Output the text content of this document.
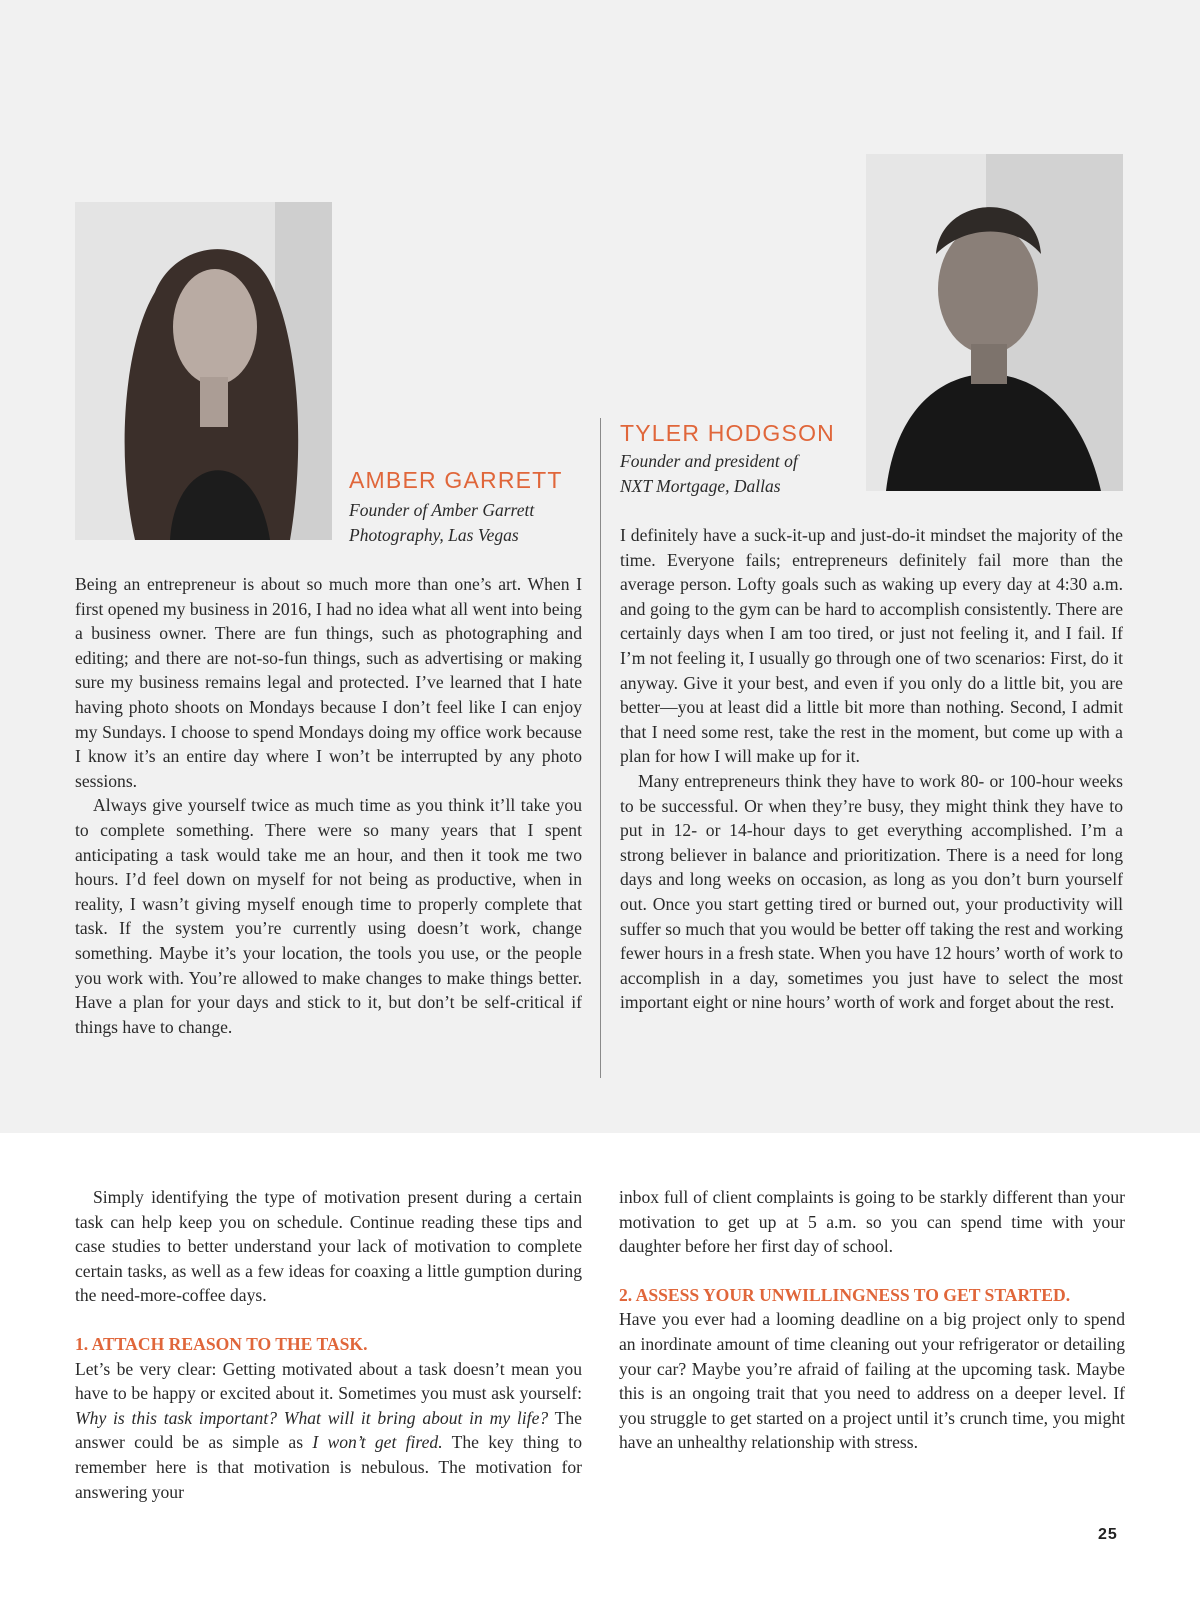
AMBER GARRETT
Founder of Amber Garrett
Photography, Las Vegas
TYLER HODGSON
Founder and president of
NXT Mortgage, Dallas

Being an entrepreneur is about so much more than one’s art. When I first opened my business in 2016, I had no idea what all went into being a business owner. There are fun things, such as photographing and editing; and there are not-so-fun things, such as advertising or making sure my business remains legal and protected. I’ve learned that I hate having photo shoots on Mondays because I don’t feel like I can enjoy my Sundays. I choose to spend Mondays doing my office work because I know it’s an entire day where I won’t be interrupted by any photo sessions.

Always give yourself twice as much time as you think it’ll take you to complete something. There were so many years that I spent anticipating a task would take me an hour, and then it took me two hours. I’d feel down on myself for not being as productive, when in reality, I wasn’t giving myself enough time to properly complete that task. If the system you’re currently using doesn’t work, change something. Maybe it’s your location, the tools you use, or the people you work with. You’re allowed to make changes to make things better. Have a plan for your days and stick to it, but don’t be self-critical if things have to change.

I definitely have a suck-it-up and just-do-it mindset the majority of the time. Everyone fails; entrepreneurs definitely fail more than the average person. Lofty goals such as waking up every day at 4:30 a.m. and going to the gym can be hard to accomplish consistently. There are certainly days when I am too tired, or just not feeling it, and I fail. If I’m not feeling it, I usually go through one of two scenarios: First, do it anyway. Give it your best, and even if you only do a little bit, you are better—you at least did a little bit more than nothing. Second, I admit that I need some rest, take the rest in the moment, but come up with a plan for how I will make up for it.

Many entrepreneurs think they have to work 80- or 100-hour weeks to be successful. Or when they’re busy, they might think they have to put in 12- or 14-hour days to get everything accomplished. I’m a strong believer in balance and prioritization. There is a need for long days and long weeks on occasion, as long as you don’t burn yourself out. Once you start getting tired or burned out, your productivity will suffer so much that you would be better off taking the rest and working fewer hours in a fresh state. When you have 12 hours’ worth of work to accomplish in a day, sometimes you just have to select the most important eight or nine hours’ worth of work and forget about the rest.

Simply identifying the type of motivation present during a certain task can help keep you on schedule. Continue reading these tips and case studies to better understand your lack of motivation to complete certain tasks, as well as a few ideas for coaxing a little gumption during the need-more-coffee days.

1. ATTACH REASON TO THE TASK.

Let’s be very clear: Getting motivated about a task doesn’t mean you have to be happy or excited about it. Sometimes you must ask yourself: Why is this task important? What will it bring about in my life? The answer could be as simple as I won’t get fired. The key thing to remember here is that motivation is nebulous. The motivation for answering your

inbox full of client complaints is going to be starkly different than your motivation to get up at 5 a.m. so you can spend time with your daughter before her first day of school.

2. ASSESS YOUR UNWILLINGNESS TO GET STARTED.

Have you ever had a looming deadline on a big project only to spend an inordinate amount of time cleaning out your refrigerator or detailing your car? Maybe you’re afraid of failing at the upcoming task. Maybe this is an ongoing trait that you need to address on a deeper level. If you struggle to get started on a project until it’s crunch time, you might have an unhealthy relationship with stress.

25
